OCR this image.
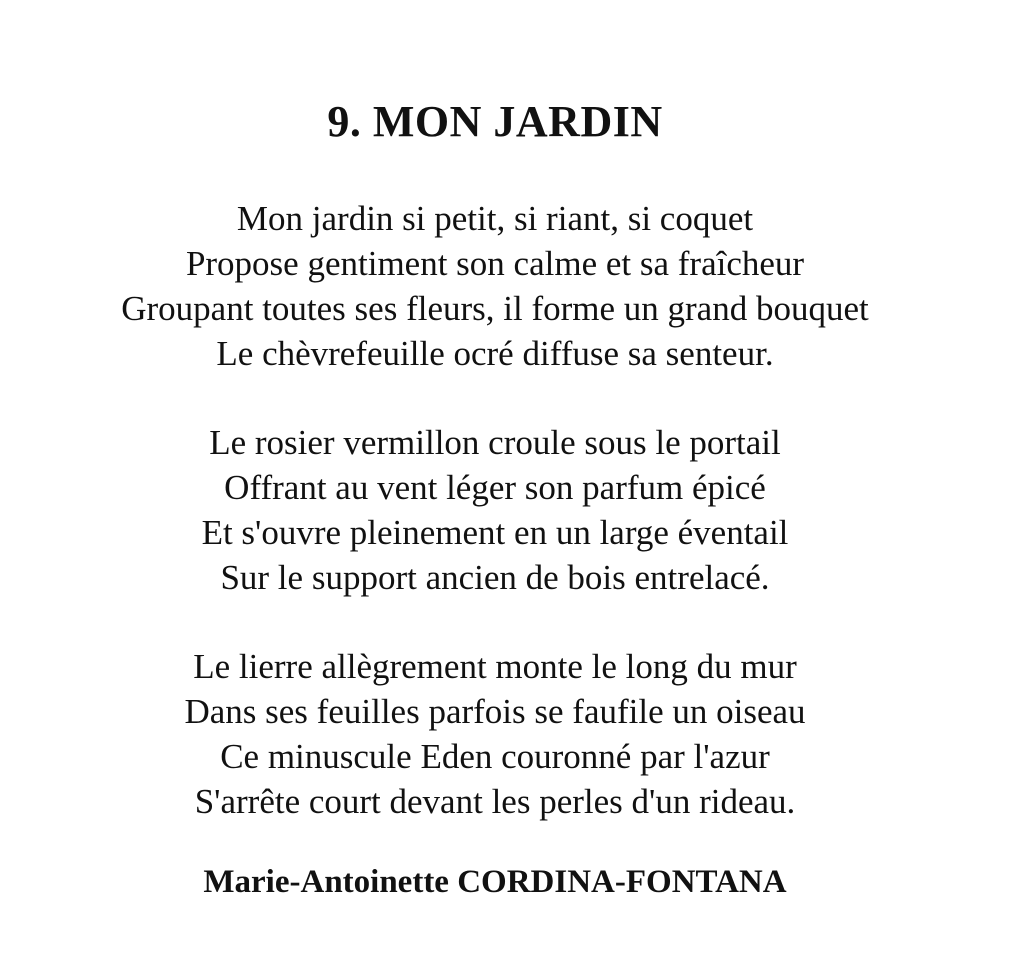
9. MON JARDIN
Mon jardin si petit, si riant, si coquet
Propose gentiment son calme et sa fraîcheur
Groupant toutes ses fleurs, il forme un grand bouquet
Le chèvrefeuille ocré diffuse sa senteur.
Le rosier vermillon croule sous le portail
Offrant au vent léger son parfum épicé
Et s'ouvre pleinement en un large éventail
Sur le support ancien de bois entrelacé.
Le lierre allègrement monte le long du mur
Dans ses feuilles parfois se faufile un oiseau
Ce minuscule Eden couronné par l'azur
S'arrête court devant les perles d'un rideau.

Marie-Antoinette CORDINA-FONTANA
